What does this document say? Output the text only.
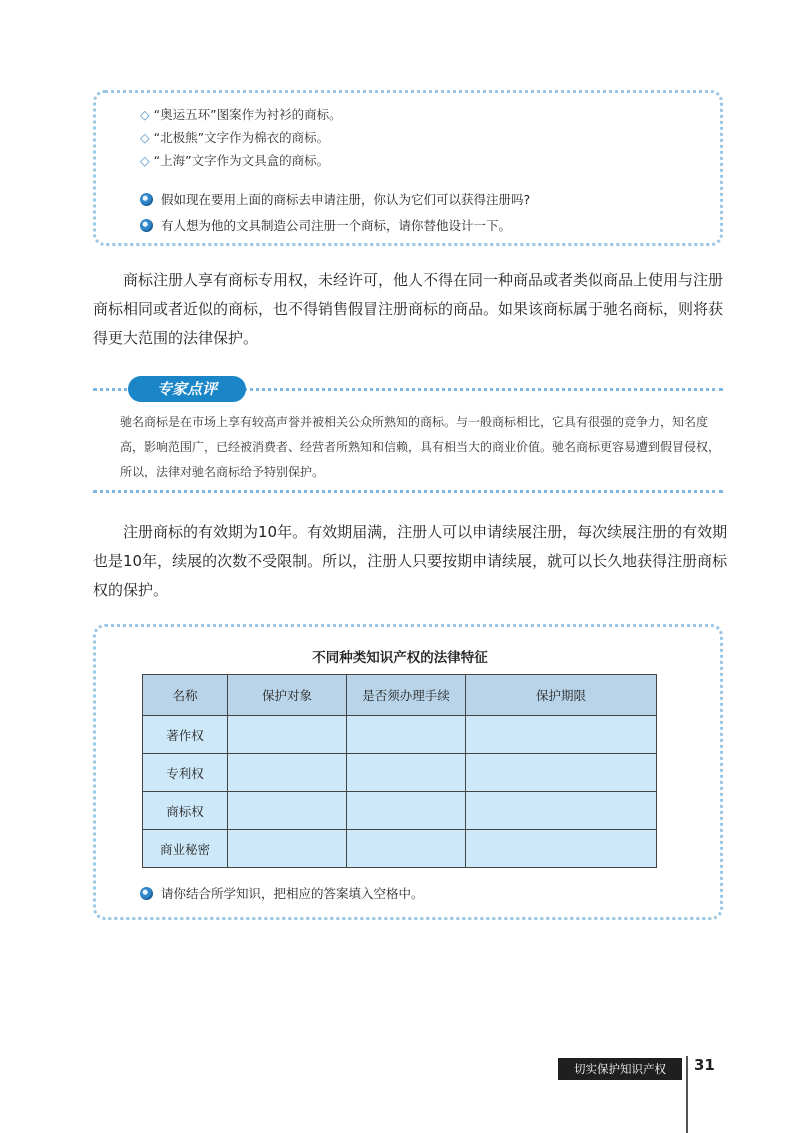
◇ “奥运五环”图案作为衬衫的商标。
◇ “北极熊”文字作为棉衣的商标。
◇ “上海”文字作为文具盒的商标。
假如现在要用上面的商标去申请注册，你认为它们可以获得注册吗?
有人想为他的文具制造公司注册一个商标，请你替他设计一下。
商标注册人享有商标专用权，未经许可，他人不得在同一种商品或者类似商品上使用与注册商标相同或者近似的商标，也不得销售假冒注册商标的商品。如果该商标属于驰名商标，则将获得更大范围的法律保护。
专家点评
驰名商标是在市场上享有较高声誉并被相关公众所熟知的商标。与一般商标相比，它具有很强的竞争力，知名度高，影响范围广，已经被消费者、经营者所熟知和信赖，具有相当大的商业价值。驰名商标更容易遭到假冒侵权，所以，法律对驰名商标给予特别保护。
注册商标的有效期为10年。有效期届满，注册人可以申请续展注册，每次续展注册的有效期也是10年，续展的次数不受限制。所以，注册人只要按期申请续展，就可以长久地获得注册商标权的保护。
不同种类知识产权的法律特征
名称	保护对象	是否须办理手续	保护期限
著作权			
专利权			
商标权			
商业秘密			
请你结合所学知识，把相应的答案填入空格中。
切实保护知识产权	31
